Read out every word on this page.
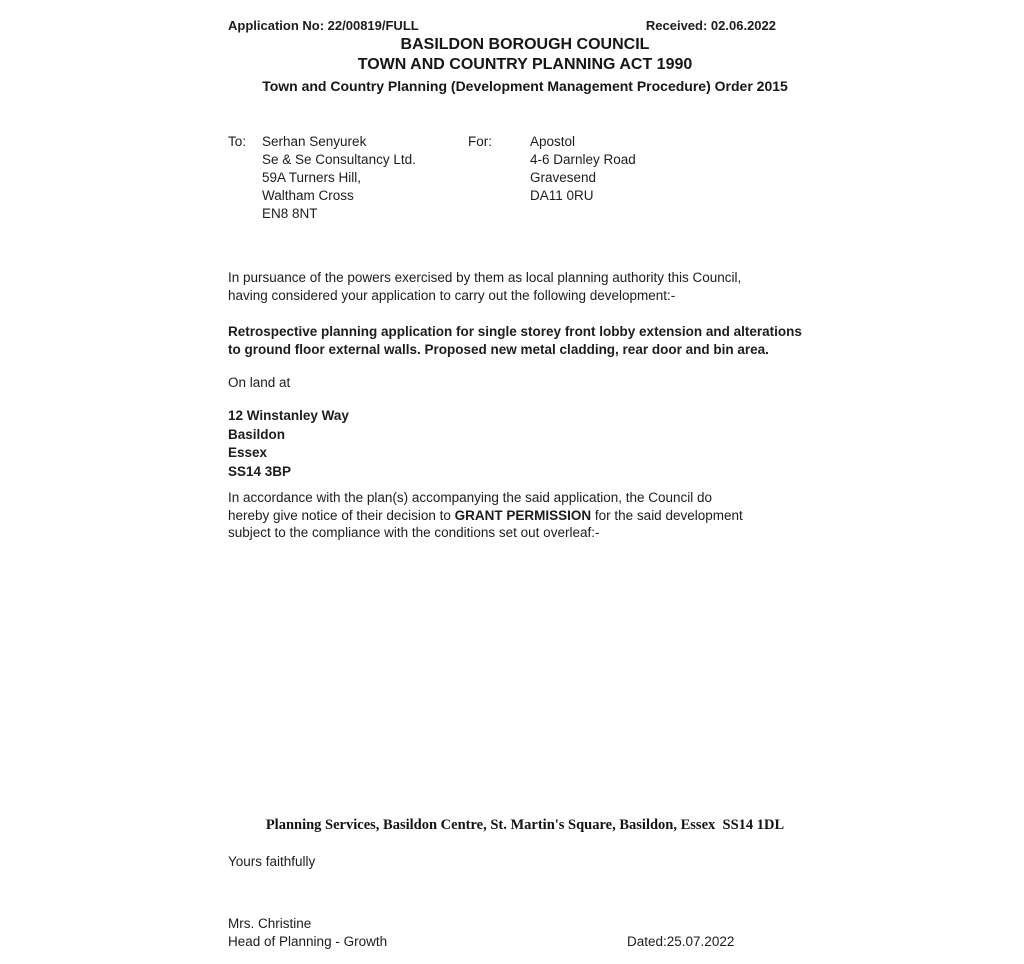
Application No: 22/00819/FULL	Received: 02.06.2022
BASILDON BOROUGH COUNCIL
TOWN AND COUNTRY PLANNING ACT 1990
Town and Country Planning (Development Management Procedure) Order 2015
To:	Serhan Senyurek
Se & Se Consultancy Ltd.
59A Turners Hill,
Waltham Cross
EN8 8NT
For:	Apostol
4-6 Darnley Road
Gravesend
DA11 0RU
In pursuance of the powers exercised by them as local planning authority this Council,
having considered your application to carry out the following development:-
Retrospective planning application for single storey front lobby extension and alterations
to ground floor external walls. Proposed new metal cladding, rear door and bin area.
On land at
12 Winstanley Way
Basildon
Essex
SS14 3BP
In accordance with the plan(s) accompanying the said application, the Council do
hereby give notice of their decision to GRANT PERMISSION for the said development
subject to the compliance with the conditions set out overleaf:-
Planning Services, Basildon Centre, St. Martin's Square, Basildon, Essex  SS14 1DL
Yours faithfully
Mrs. Christine
Head of Planning - Growth	Dated:25.07.2022
